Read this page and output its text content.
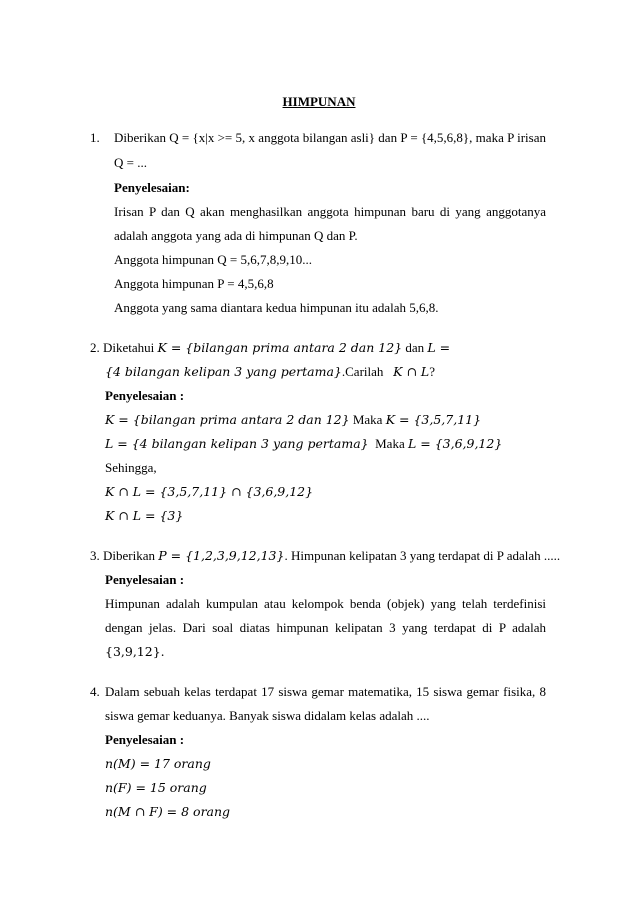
HIMPUNAN
1. Diberikan Q = {x|x >= 5, x anggota bilangan asli} dan P = {4,5,6,8}, maka P irisan
Q = ...
Penyelesaian:
Irisan P dan Q akan menghasilkan anggota himpunan baru di yang anggotanya
adalah anggota yang ada di himpunan Q dan P.
Anggota himpunan Q = 5,6,7,8,9,10...
Anggota himpunan P = 4,5,6,8
Anggota yang sama diantara kedua himpunan itu adalah 5,6,8.
2. Diketahui K = {bilangan prima antara 2 dan 12} dan L =
{4 bilangan kelipan 3 yang pertama}.Carilah K ∩ L?
Penyelesaian :
K = {bilangan prima antara 2 dan 12} Maka K = {3,5,7,11}
L = {4 bilangan kelipan 3 yang pertama} Maka L = {3,6,9,12}
Sehingga,
K ∩ L = {3,5,7,11} ∩ {3,6,9,12}
K ∩ L = {3}
3. Diberikan P = {1,2,3,9,12,13}. Himpunan kelipatan 3 yang terdapat di P adalah .....
Penyelesaian :
Himpunan adalah kumpulan atau kelompok benda (objek) yang telah terdefinisi
dengan jelas. Dari soal diatas himpunan kelipatan 3 yang terdapat di P adalah
{3,9,12}.
4. Dalam sebuah kelas terdapat 17 siswa gemar matematika, 15 siswa gemar fisika, 8
siswa gemar keduanya. Banyak siswa didalam kelas adalah ....
Penyelesaian :
n(M) = 17 orang
n(F) = 15 orang
n(M ∩ F) = 8 orang
